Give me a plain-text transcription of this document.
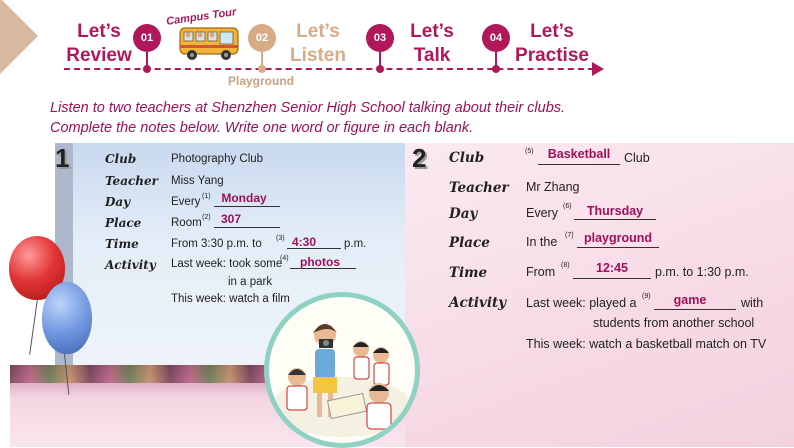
Let’s
Review
01
Campus Tour
02	Let’s
Listen
Playground
03	Let’s
Talk
04	Let’s
Practise
Listen to two teachers at Shenzhen Senior High School talking about their clubs.
Complete the notes below. Write one word or figure in each blank.
1	Club	Photography Club
Teacher Miss Yang
Day	Every (1) Monday
Place	Room (2) 307
Time	From 3:30 p.m. to (3) 4:30	p.m.
Activity Last week: took some
(4) photos
in a park
This week: watch a film
2 Club	(5)	Basketball	Club
Teacher Mr Zhang
Day	Every (6)	Thursday
Place	In the (7) playground
Time	From (8)	12:45	p.m. to 1:30 p.m.
Activity Last week: played a (9)	game	with
students from another school
This week: watch a basketball match on TV
